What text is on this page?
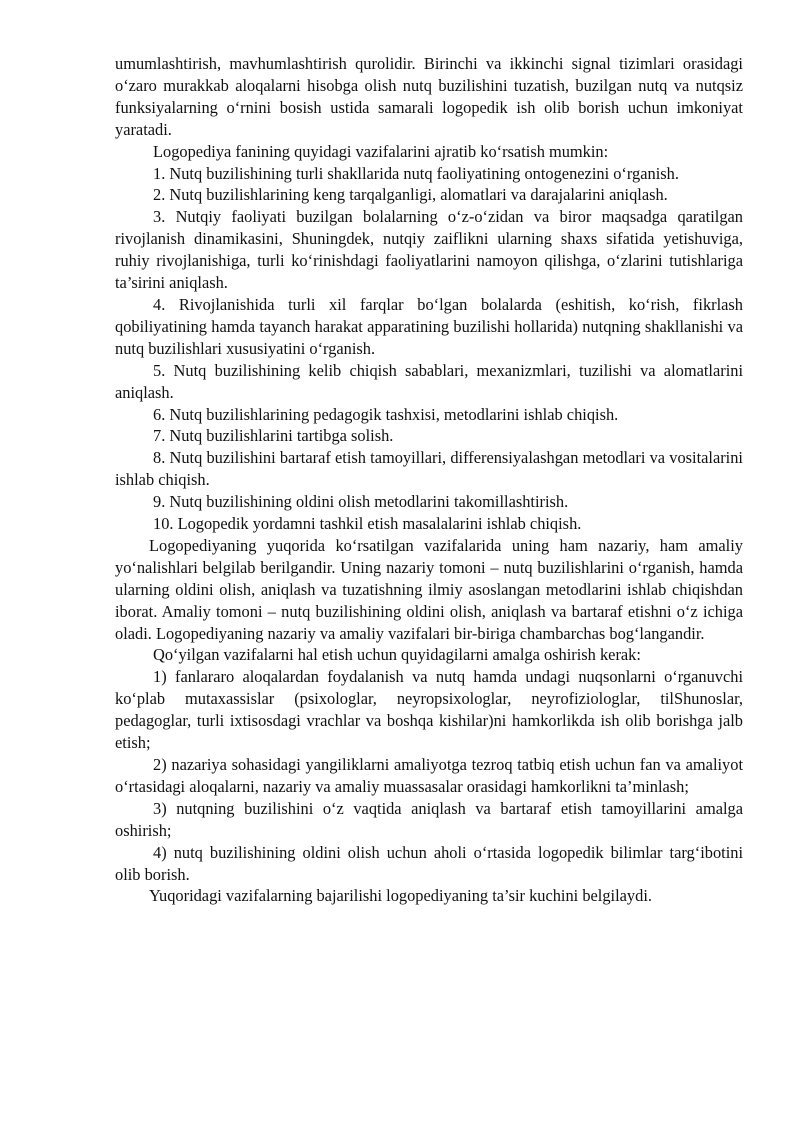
umumlashtirish, mavhumlashtirish qurolidir. Birinchi va ikkinchi signal tizimlari orasidagi o‘zaro murakkab aloqalarni hisobga olish nutq buzilishini tuzatish, buzilgan nutq va nutqsiz funksiyalarning o‘rnini bosish ustida samarali logopedik ish olib borish uchun imkoniyat yaratadi.

Logopediya fanining quyidagi vazifalarini ajratib ko‘rsatish mumkin:

1. Nutq buzilishining turli shakllarida nutq faoliyatining ontogenezini o‘rganish.

2. Nutq buzilishlarining keng tarqalganligi, alomatlari va darajalarini aniqlash.

3. Nutqiy faoliyati buzilgan bolalarning o‘z-o‘zidan va biror maqsadga qaratilgan rivojlanish dinamikasini, Shuningdek, nutqiy zaiflikni ularning shaxs sifatida yetishuviga, ruhiy rivojlanishiga, turli ko‘rinishdagi faoliyatlarini namoyon qilishga, o‘zlarini tutishlariga ta’sirini aniqlash.

4. Rivojlanishida turli xil farqlar bo‘lgan bolalarda (eshitish, ko‘rish, fikrlash qobiliyatining hamda tayanch harakat apparatining buzilishi hollarida) nutqning shakllanishi va nutq buzilishlari xususiyatini o‘rganish.

5. Nutq buzilishining kelib chiqish sabablari, mexanizmlari, tuzilishi va alomatlarini aniqlash.

6. Nutq buzilishlarining pedagogik tashxisi, metodlarini ishlab chiqish.

7. Nutq buzilishlarini tartibga solish.

8. Nutq buzilishini bartaraf etish tamoyillari, differensiyalashgan metodlari va vositalarini ishlab chiqish.

9. Nutq buzilishining oldini olish metodlarini takomillashtirish.

10. Logopedik yordamni tashkil etish masalalarini ishlab chiqish.

Logopediyaning yuqorida ko‘rsatilgan vazifalarida uning ham nazariy, ham amaliy yo‘nalishlari belgilab berilgandir. Uning nazariy tomoni – nutq buzilishlarini o‘rganish, hamda ularning oldini olish, aniqlash va tuzatishning ilmiy asoslangan metodlarini ishlab chiqishdan iborat. Amaliy tomoni – nutq buzilishining oldini olish, aniqlash va bartaraf etishni o‘z ichiga oladi. Logopediyaning nazariy va amaliy vazifalari bir-biriga chambarchas bog‘langandir.

Qo‘yilgan vazifalarni hal etish uchun quyidagilarni amalga oshirish kerak:

1) fanlararo aloqalardan foydalanish va nutq hamda undagi nuqsonlarni o‘rganuvchi ko‘plab mutaxassislar (psixologlar, neyropsixologlar, neyrofiziologlar, tilShunoslar, pedagoglar, turli ixtisosdagi vrachlar va boshqa kishilar)ni hamkorlikda ish olib borishga jalb etish;

2) nazariya sohasidagi yangiliklarni amaliyotga tezroq tatbiq etish uchun fan va amaliyot o‘rtasidagi aloqalarni, nazariy va amaliy muassasalar orasidagi hamkorlikni ta’minlash;

3) nutqning buzilishini o‘z vaqtida aniqlash va bartaraf etish tamoyillarini amalga oshirish;

4) nutq buzilishining oldini olish uchun aholi o‘rtasida logopedik bilimlar targ‘ibotini olib borish.

Yuqoridagi vazifalarning bajarilishi logopediyaning ta’sir kuchini belgilaydi.
